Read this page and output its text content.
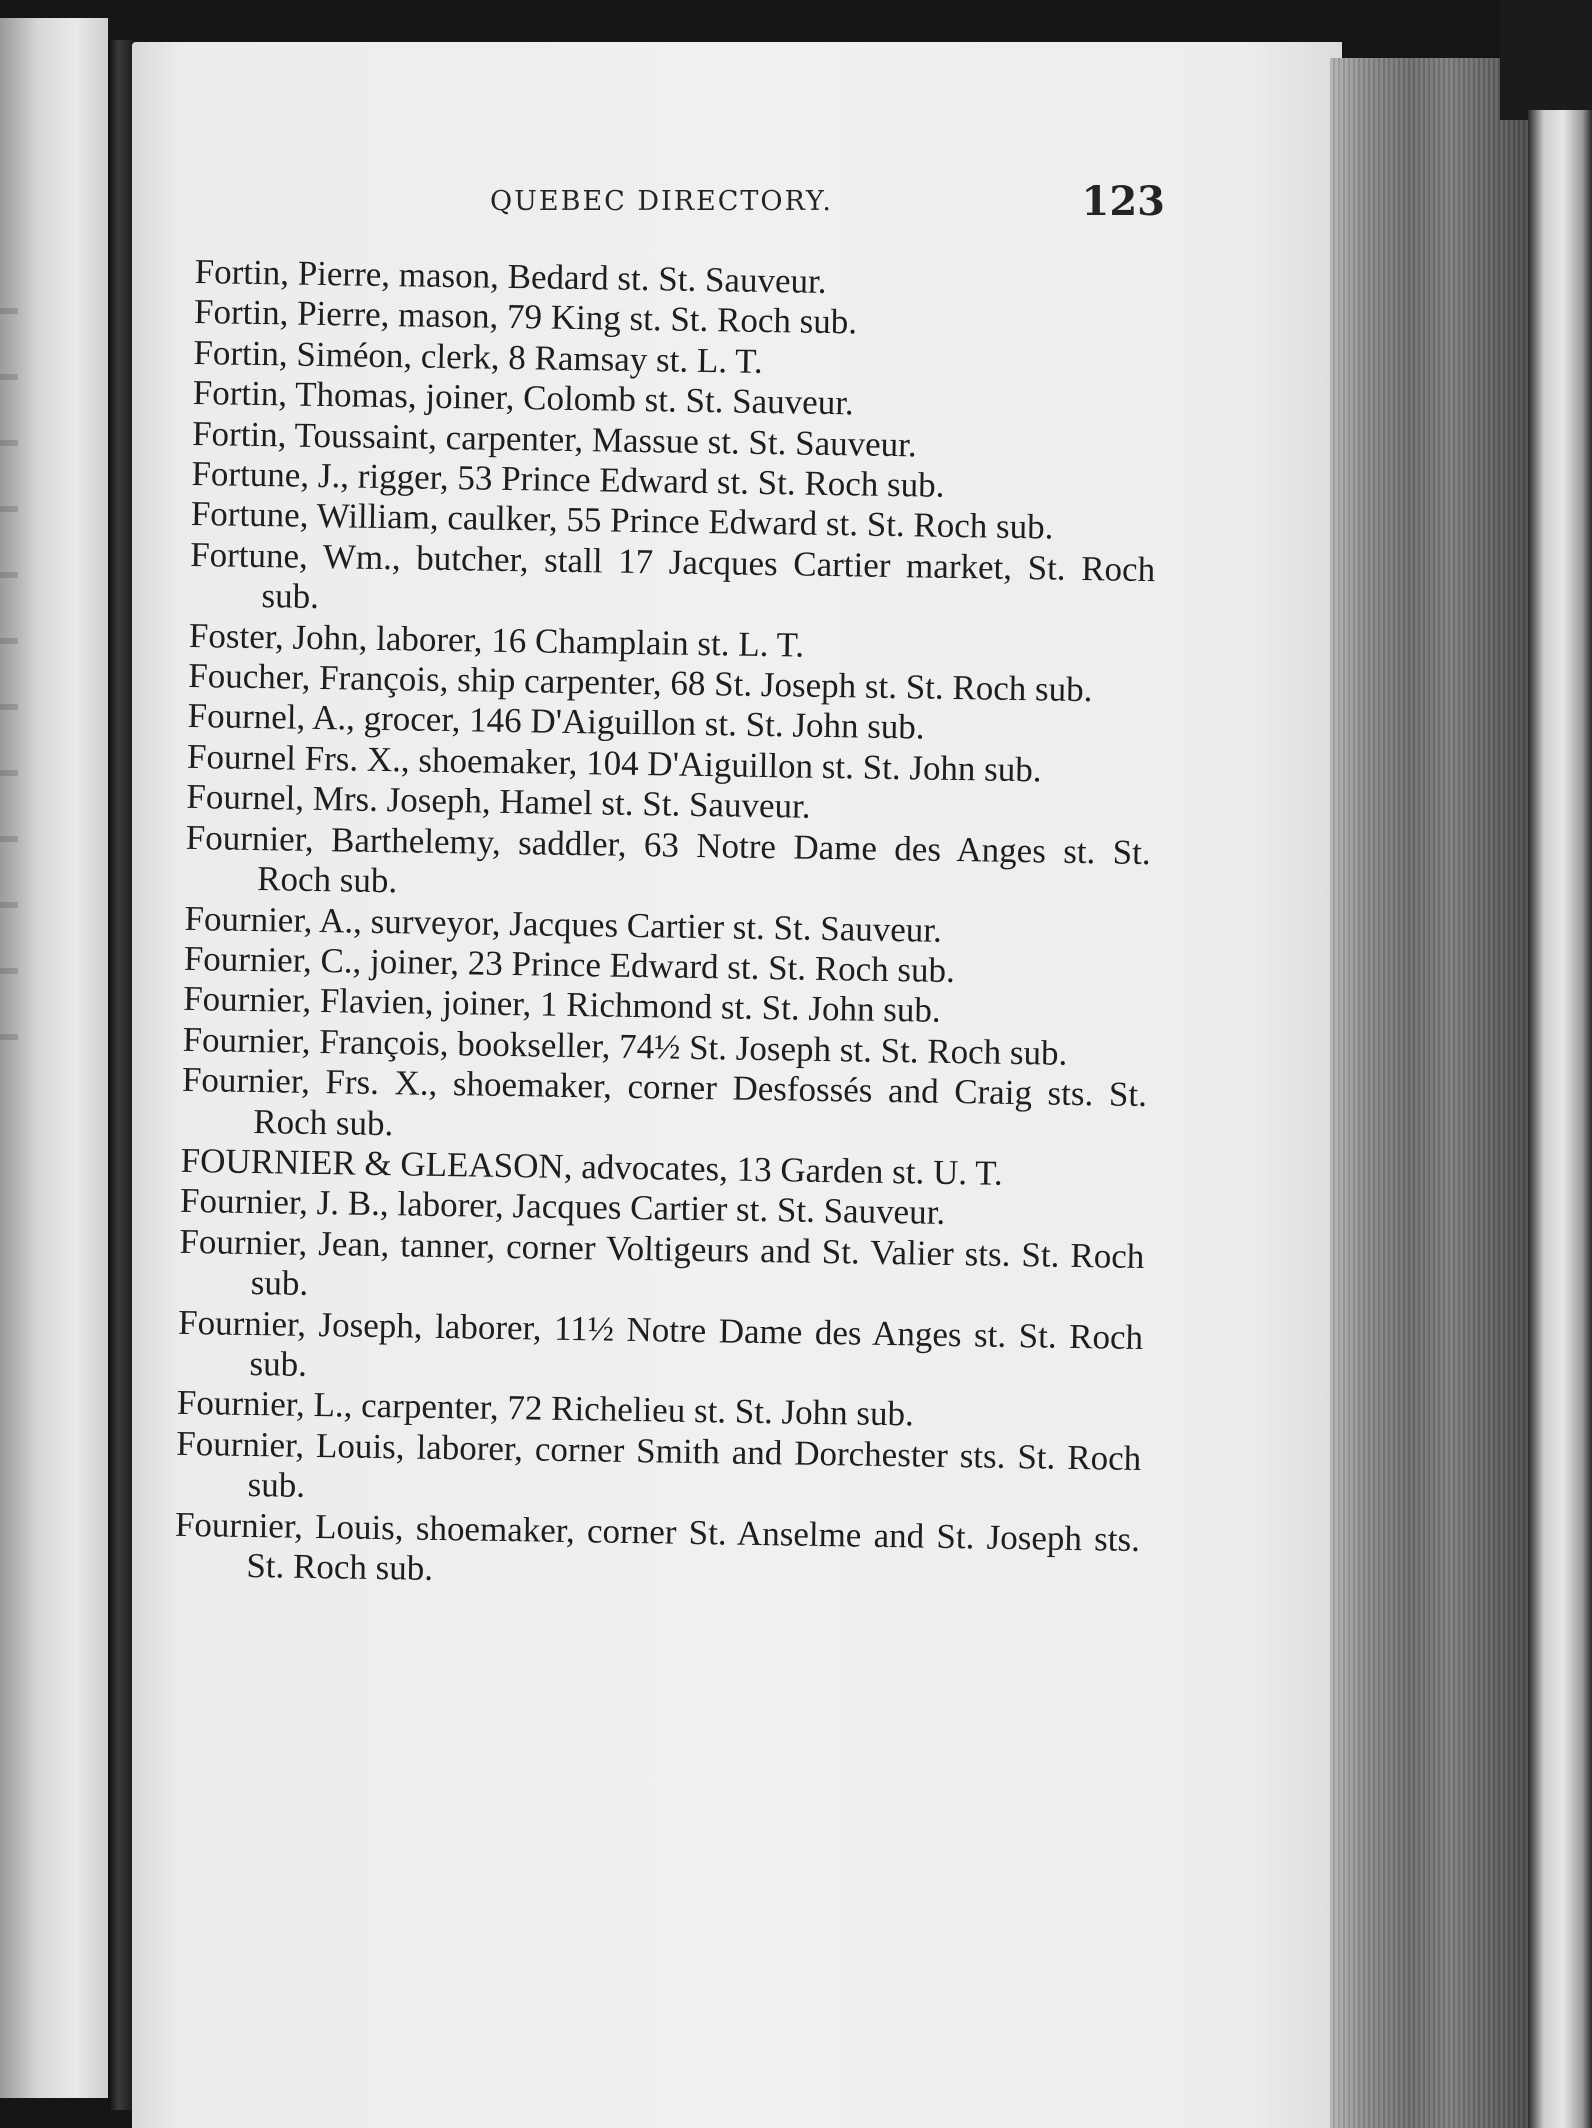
QUEBEC DIRECTORY.	123

Fortin, Pierre, mason, Bedard st. St. Sauveur.

Fortin, Pierre, mason, 79 King st. St. Roch sub.

Fortin, Siméon, clerk, 8 Ramsay st. L. T.

Fortin, Thomas, joiner, Colomb st. St. Sauveur.

Fortin, Toussaint, carpenter, Massue st. St. Sauveur.

Fortune, J., rigger, 53 Prince Edward st. St. Roch sub.

Fortune, William, caulker, 55 Prince Edward st. St. Roch sub.

Fortune, Wm., butcher, stall 17 Jacques Cartier market, St. Roch sub.

Foster, John, laborer, 16 Champlain st. L. T.

Foucher, François, ship carpenter, 68 St. Joseph st. St. Roch sub.

Fournel, A., grocer, 146 D'Aiguillon st. St. John sub.

Fournel Frs. X., shoemaker, 104 D'Aiguillon st. St. John sub.

Fournel, Mrs. Joseph, Hamel st. St. Sauveur.

Fournier, Barthelemy, saddler, 63 Notre Dame des Anges st. St. Roch sub.

Fournier, A., surveyor, Jacques Cartier st. St. Sauveur.

Fournier, C., joiner, 23 Prince Edward st. St. Roch sub.

Fournier, Flavien, joiner, 1 Richmond st. St. John sub.

Fournier, François, bookseller, 74½ St. Joseph st. St. Roch sub.

Fournier, Frs. X., shoemaker, corner Desfossés and Craig sts. St. Roch sub.

FOURNIER & GLEASON, advocates, 13 Garden st. U. T.

Fournier, J. B., laborer, Jacques Cartier st. St. Sauveur.

Fournier, Jean, tanner, corner Voltigeurs and St. Valier sts. St. Roch sub.

Fournier, Joseph, laborer, 11½ Notre Dame des Anges st. St. Roch sub.

Fournier, L., carpenter, 72 Richelieu st. St. John sub.

Fournier, Louis, laborer, corner Smith and Dorchester sts. St. Roch sub.

Fournier, Louis, shoemaker, corner St. Anselme and St. Joseph sts. St. Roch sub.
